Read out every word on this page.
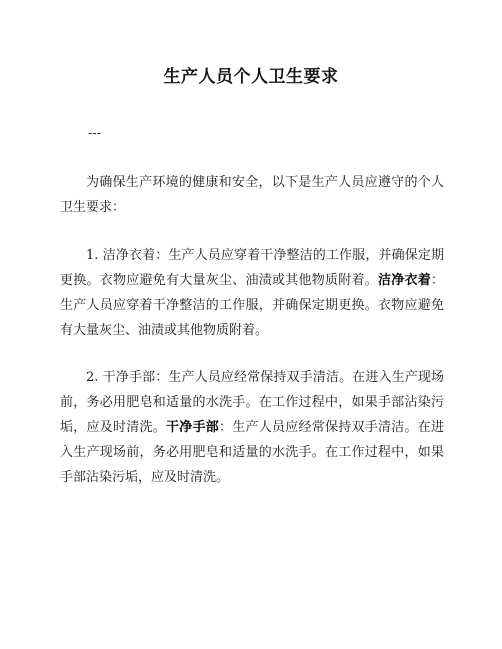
生产人员个人卫生要求
---

为确保生产环境的健康和安全，以下是生产人员应遵守的个人卫生要求：

1. 洁净衣着：生产人员应穿着干净整洁的工作服，并确保定期更换。衣物应避免有大量灰尘、油渍或其他物质附着。洁净衣着：生产人员应穿着干净整洁的工作服，并确保定期更换。衣物应避免有大量灰尘、油渍或其他物质附着。

2. 干净手部：生产人员应经常保持双手清洁。在进入生产现场前，务必用肥皂和适量的水洗手。在工作过程中，如果手部沾染污垢，应及时清洗。干净手部：生产人员应经常保持双手清洁。在进入生产现场前，务必用肥皂和适量的水洗手。在工作过程中，如果手部沾染污垢，应及时清洗。
